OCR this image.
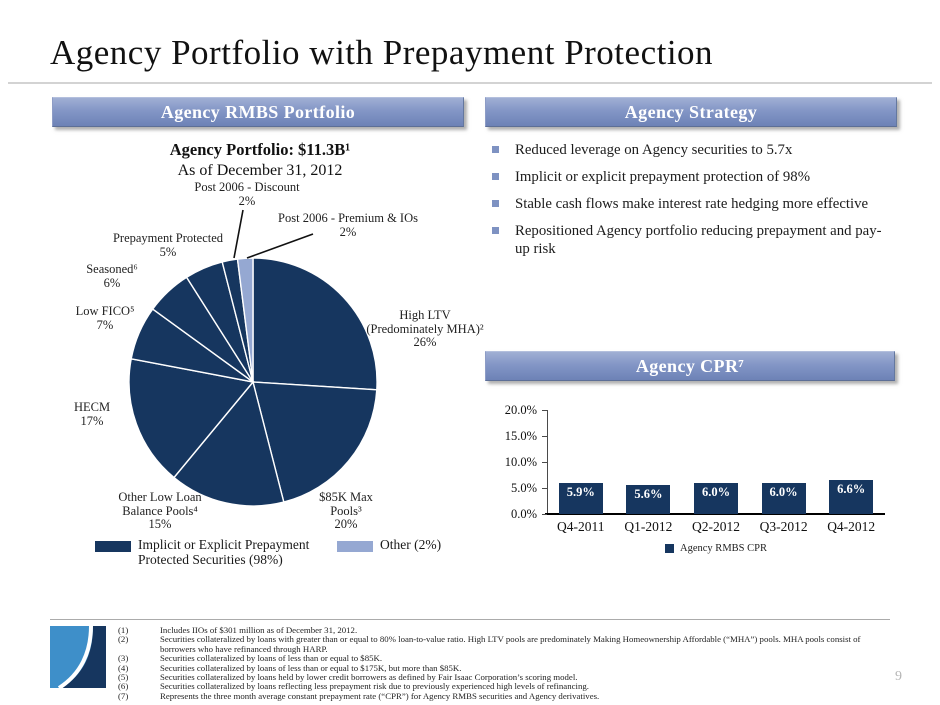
Agency Portfolio with Prepayment Protection
Agency RMBS Portfolio	Agency Strategy
Agency CPR⁷
Agency Portfolio: $11.3B¹
As of December 31, 2012
Post 2006 - Discount
2%
Post 2006 - Premium & IOs
2%
Prepayment Protected
5%
Seasoned⁶
6%
Low FICO⁵
7%
HECM
17%
High LTV
(Predominately MHA)²
26%
Other Low Loan
Balance Pools⁴
15%
$85K Max
Pools³
20%
Implicit or Explicit Prepayment Protected Securities (98%)
Other (2%)
Reduced leverage on Agency securities to 5.7x
Implicit or explicit prepayment protection of 98%
Stable cash flows make interest rate hedging more effective
Repositioned Agency portfolio reducing prepayment and pay-up risk
20.0%
15.0%
10.0%
5.0%
0.0%
5.9%
Q4-2011
5.6%
Q1-2012
6.0%
Q2-2012
6.0%
Q3-2012
6.6%
Q4-2012
Agency RMBS CPR
(1)	Includes IIOs of $301 million as of December 31, 2012.
(2)	Securities collateralized by loans with greater than or equal to 80% loan-to-value ratio. High LTV pools are predominately Making Homeownership Affordable (“MHA”) pools. MHA pools consist of borrowers who have refinanced through HARP.
(3)	Securities collateralized by loans of less than or equal to $85K.
(4)	Securities collateralized by loans of less than or equal to $175K, but more than $85K.
(5)	Securities collateralized by loans held by lower credit borrowers as defined by Fair Isaac Corporation’s scoring model.
(6)	Securities collateralized by loans reflecting less prepayment risk due to previously experienced high levels of refinancing.
(7)	Represents the three month average constant prepayment rate (“CPR”) for Agency RMBS securities and Agency derivatives.
9
